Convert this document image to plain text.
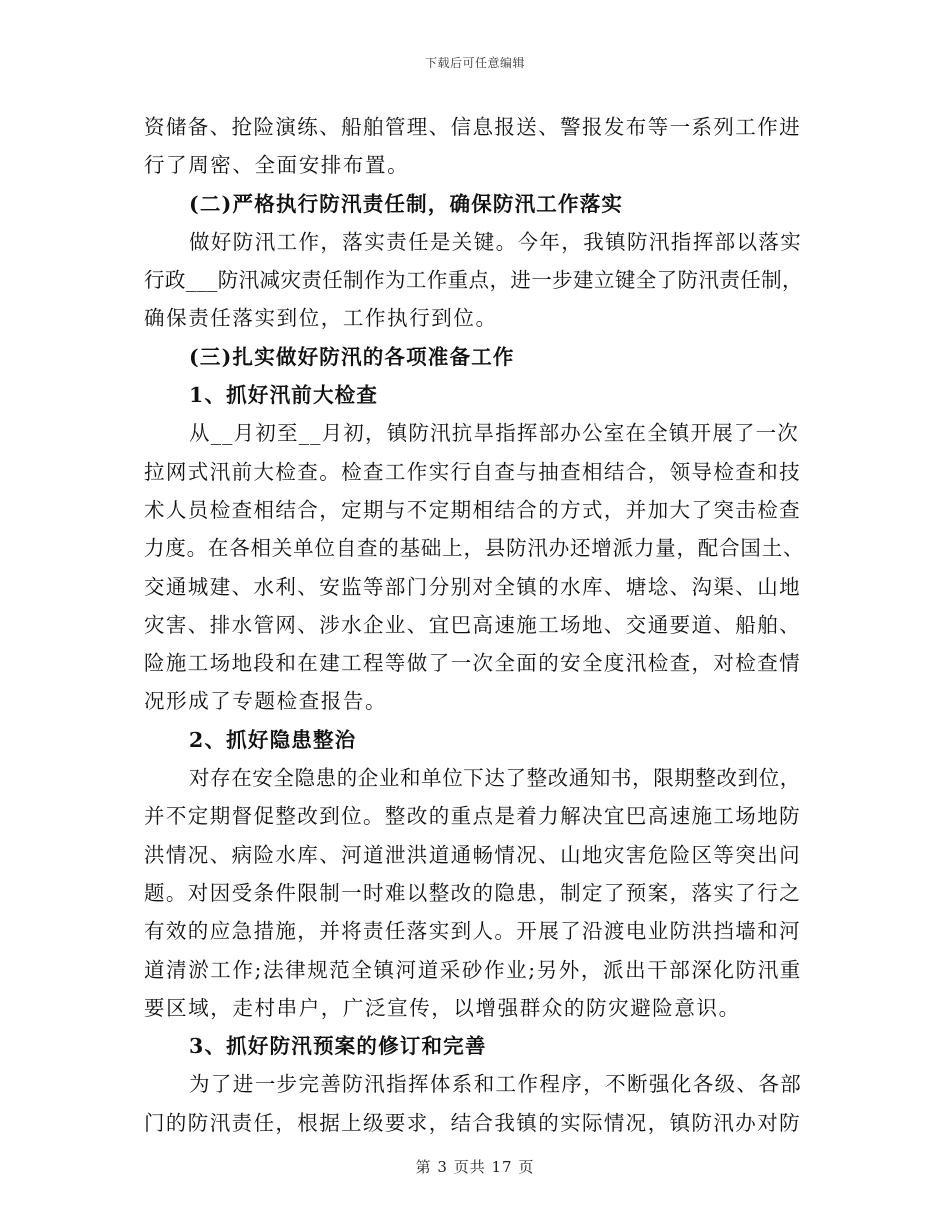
下载后可任意编辑
资储备、抢险演练、船舶管理、信息报送、警报发布等一系列工作进
行了周密、全面安排布置。
(二)严格执行防汛责任制，确保防汛工作落实
做好防汛工作，落实责任是关键。今年，我镇防汛指挥部以落实
行政___防汛减灾责任制作为工作重点，进一步建立键全了防汛责任制，
确保责任落实到位，工作执行到位。
(三)扎实做好防汛的各项准备工作
1、抓好汛前大检查
从__月初至__月初，镇防汛抗旱指挥部办公室在全镇开展了一次
拉网式汛前大检查。检查工作实行自查与抽查相结合，领导检查和技
术人员检查相结合，定期与不定期相结合的方式，并加大了突击检查
力度。在各相关单位自查的基础上，县防汛办还增派力量，配合国土、
交通城建、水利、安监等部门分别对全镇的水库、塘埝、沟渠、山地
灾害、排水管网、涉水企业、宜巴高速施工场地、交通要道、船舶、
险施工场地段和在建工程等做了一次全面的安全度汛检查，对检查情
况形成了专题检查报告。
2、抓好隐患整治
对存在安全隐患的企业和单位下达了整改通知书，限期整改到位，
并不定期督促整改到位。整改的重点是着力解决宜巴高速施工场地防
洪情况、病险水库、河道泄洪道通畅情况、山地灾害危险区等突出问
题。对因受条件限制一时难以整改的隐患，制定了预案，落实了行之
有效的应急措施，并将责任落实到人。开展了沿渡电业防洪挡墙和河
道清淤工作;法律规范全镇河道采砂作业;另外，派出干部深化防汛重
要区域，走村串户，广泛宣传，以增强群众的防灾避险意识。
3、抓好防汛预案的修订和完善
为了进一步完善防汛指挥体系和工作程序，不断强化各级、各部
门的防汛责任，根据上级要求，结合我镇的实际情况，镇防汛办对防
第 3 页共 17 页
